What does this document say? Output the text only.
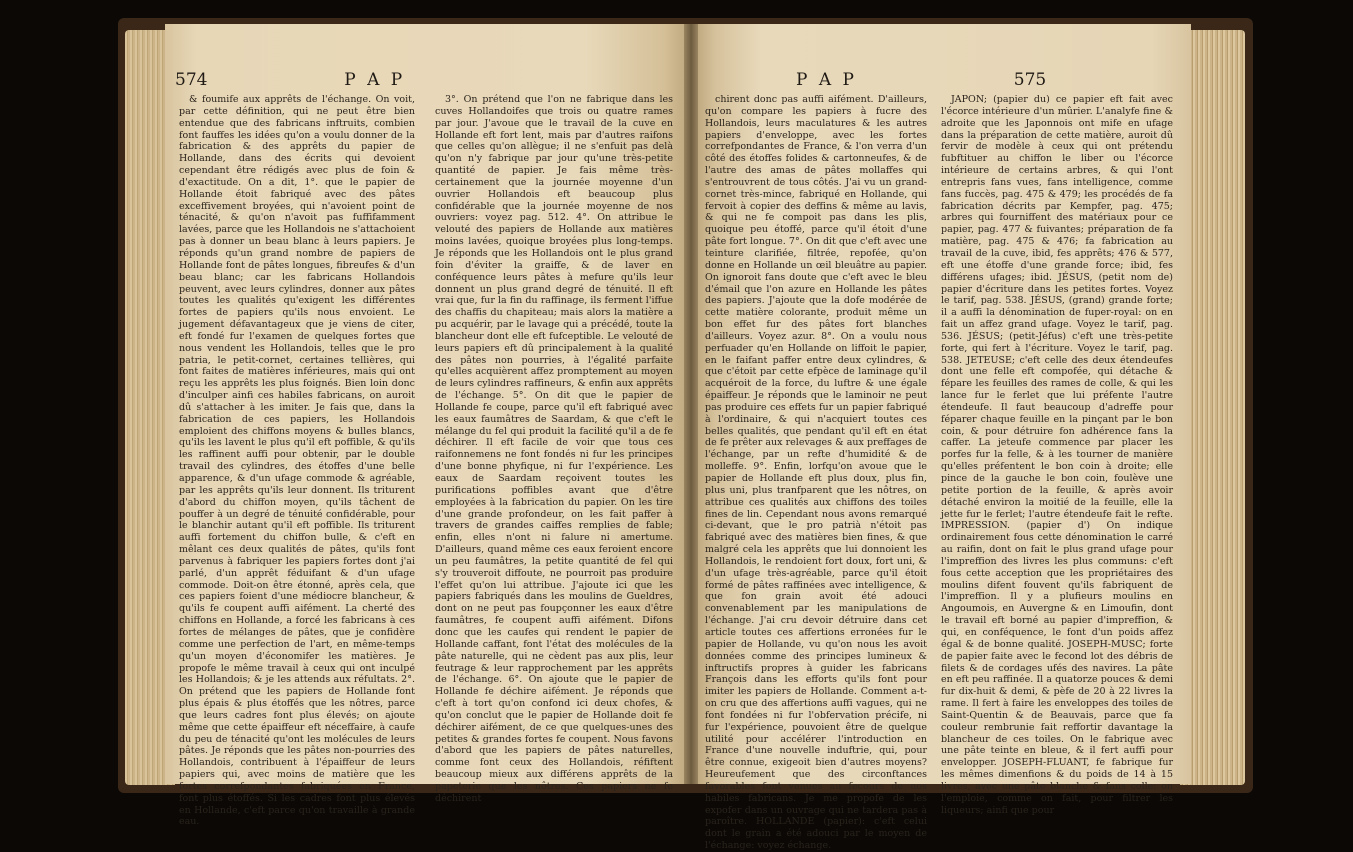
574	P A P

& foumife aux apprêts de l'échange. On voit, par cette définition, qui ne peut être bien entendue que des fabricans inftruits, combien font fauffes les idées qu'on a voulu donner de la fabrication & des apprêts du papier de Hollande, dans des écrits qui devoient cependant être rédigés avec plus de foin & d'exactitude. On a dit, 1°. que le papier de Hollande étoit fabriqué avec des pâtes exceffivement broyées, qui n'avoient point de ténacité, & qu'on n'avoit pas fuffifamment lavées, parce que les Hollandois ne s'attachoient pas à donner un beau blanc à leurs papiers. Je réponds qu'un grand nombre de papiers de Hollande font de pâtes longues, fibreufes & d'un beau blanc; car les fabricans Hollandois peuvent, avec leurs cylindres, donner aux pâtes toutes les qualités qu'exigent les différentes fortes de papiers qu'ils nous envoient. Le jugement défavantageux que je viens de citer, eft fondé fur l'examen de quelques fortes que nous vendent les Hollandois, telles que le pro patria, le petit-cornet, certaines tellières, qui font faites de matières inférieures, mais qui ont reçu les apprêts les plus foignés. Bien loin donc d'inculper ainfi ces habiles fabricans, on auroit dû s'attacher à les imiter. Je fais que, dans la fabrication de ces papiers, les Hollandois emploient des chiffons moyens & bulles blancs, qu'ils les lavent le plus qu'il eft poffible, & qu'ils les raffinent auffi pour obtenir, par le double travail des cylindres, des étoffes d'une belle apparence, & d'un ufage commode & agréable, par les apprêts qu'ils leur donnent. Ils triturent d'abord du chiffon moyen, qu'ils tâchent de pouffer à un degré de ténuité confidérable, pour le blanchir autant qu'il eft poffible. Ils triturent auffi fortement du chiffon bulle, & c'eft en mêlant ces deux qualités de pâtes, qu'ils font parvenus à fabriquer les papiers fortes dont j'ai parlé, d'un apprêt féduifant & d'un ufage commode. Doit-on être étonné, après cela, que ces papiers foient d'une médiocre blancheur, & qu'ils fe coupent auffi aifément. La cherté des chiffons en Hollande, a forcé les fabricans à ces fortes de mélanges de pâtes, que je confidère comme une perfection de l'art, en même-temps qu'un moyen d'économifer les matières. Je propofe le même travail à ceux qui ont inculpé les Hollandois; & je les attends aux réfultats. 2°. On prétend que les papiers de Hollande font plus épais & plus étoffés que les nôtres, parce que leurs cadres font plus élevés; on ajoute même que cette épaiffeur eft néceffaire, à caufe du peu de ténacité qu'ont les molécules de leurs pâtes. Je réponds que les pâtes non-pourries des Hollandois, contribuent à l'épaiffeur de leurs papiers qui, avec moins de matière que les fortes correfpondantes fabriquées en France, font plus étoffés. Si les cadres font plus élevés en Hollande, c'eft parce qu'on travaille à grande eau.

3°. On prétend que l'on ne fabrique dans les cuves Hollandoifes que trois ou quatre rames par jour. J'avoue que le travail de la cuve en Hollande eft fort lent, mais par d'autres raifons que celles qu'on allègue; il ne s'enfuit pas delà qu'on n'y fabrique par jour qu'une très-petite quantité de papier. Je fais même très-certainement que la journée moyenne d'un ouvrier Hollandois eft beaucoup plus confidérable que la journée moyenne de nos ouvriers: voyez pag. 512. 4°. On attribue le velouté des papiers de Hollande aux matières moins lavées, quoique broyées plus long-temps. Je réponds que les Hollandois ont le plus grand foin d'éviter la graiffe, & de laver en conféquence leurs pâtes à mefure qu'ils leur donnent un plus grand degré de ténuité. Il eft vrai que, fur la fin du raffinage, ils ferment l'iffue des chaffis du chapiteau; mais alors la matière a pu acquérir, par le lavage qui a précédé, toute la blancheur dont elle eft fufceptible. Le velouté de leurs papiers eft dû principalement à la qualité des pâtes non pourries, à l'égalité parfaite qu'elles acquièrent affez promptement au moyen de leurs cylindres raffineurs, & enfin aux apprêts de l'échange. 5°. On dit que le papier de Hollande fe coupe, parce qu'il eft fabriqué avec les eaux faumâtres de Saardam, & que c'eft le mélange du fel qui produit la facilité qu'il a de fe déchirer. Il eft facile de voir que tous ces raifonnemens ne font fondés ni fur les principes d'une bonne phyfique, ni fur l'expérience. Les eaux de Saardam reçoivent toutes les purifications poffibles avant que d'être employées à la fabrication du papier. On les tire d'une grande profondeur, on les fait paffer à travers de grandes caiffes remplies de fable; enfin, elles n'ont ni falure ni amertume. D'ailleurs, quand même ces eaux feroient encore un peu faumâtres, la petite quantité de fel qui s'y trouveroit diffoute, ne pourroit pas produire l'effet qu'on lui attribue. J'ajoute ici que les papiers fabriqués dans les moulins de Gueldres, dont on ne peut pas foupçonner les eaux d'être faumâtres, fe coupent auffi aifément. Difons donc que les caufes qui rendent le papier de Hollande caffant, font l'état des molécules de la pâte naturelle, qui ne cèdent pas aux plis, leur feutrage & leur rapprochement par les apprêts de l'échange. 6°. On ajoute que le papier de Hollande fe déchire aifément. Je réponds que c'eft à tort qu'on confond ici deux chofes, & qu'on conclut que le papier de Hollande doit fe déchirer aifément, de ce que quelques-unes des petites & grandes fortes fe coupent. Nous favons d'abord que les papiers de pâtes naturelles, comme font ceux des Hollandois, réfiftent beaucoup mieux aux différens apprêts de la papeterie que les nôtres. Ces papiers ne fe déchirent

P A P	575

chirent donc pas auffi aifément. D'ailleurs, qu'on compare les papiers à fucre des Hollandois, leurs maculatures & les autres papiers d'enveloppe, avec les fortes correfpondantes de France, & l'on verra d'un côté des étoffes folides & cartonneufes, & de l'autre des amas de pâtes mollaffes qui s'entrouvrent de tous côtés. J'ai vu un grand-cornet très-mince, fabriqué en Hollande, qui fervoit à copier des deffins & même au lavis, & qui ne fe compoit pas dans les plis, quoique peu étoffé, parce qu'il étoit d'une pâte fort longue. 7°. On dit que c'eft avec une teinture clarifiée, filtrée, repofée, qu'on donne en Hollande un œil bleuâtre au papier. On ignoroit fans doute que c'eft avec le bleu d'émail que l'on azure en Hollande les pâtes des papiers. J'ajoute que la dofe modérée de cette matière colorante, produit même un bon effet fur des pâtes fort blanches d'ailleurs. Voyez azur. 8°. On a voulu nous perfuader qu'en Hollande on liffoit le papier, en le faifant paffer entre deux cylindres, & que c'étoit par cette efpèce de laminage qu'il acquéroit de la force, du luftre & une égale épaiffeur. Je réponds que le laminoir ne peut pas produire ces effets fur un papier fabriqué à l'ordinaire, & qui n'acquiert toutes ces belles qualités, que pendant qu'il eft en état de fe prêter aux relevages & aux preffages de l'échange, par un refte d'humidité & de molleffe. 9°. Enfin, lorfqu'on avoue que le papier de Hollande eft plus doux, plus fin, plus uni, plus tranfparent que les nôtres, on attribue ces qualités aux chiffons des toiles fines de lin. Cependant nous avons remarqué ci-devant, que le pro patrià n'étoit pas fabriqué avec des matières bien fines, & que malgré cela les apprêts que lui donnoient les Hollandois, le rendoient fort doux, fort uni, & d'un ufage très-agréable, parce qu'il étoit formé de pâtes raffinées avec intelligence, & que fon grain avoit été adouci convenablement par les manipulations de l'échange. J'ai cru devoir détruire dans cet article toutes ces affertions erronées fur le papier de Hollande, vu qu'on nous les avoit données comme des principes lumineux & inftructifs propres à guider les fabricans François dans les efforts qu'ils font pour imiter les papiers de Hollande. Comment a-t-on cru que des affertions auffi vagues, qui ne font fondées ni fur l'obfervation précife, ni fur l'expérience, pouvoient être de quelque utilité pour accélérer l'introduction en France d'une nouvelle induftrie, qui, pour être connue, exigeoit bien d'autres moyens? Heureufement que des circonftances favorables font venues au fecours de nos habiles fabricans. Je me propofe de les expofer dans un ouvrage qui ne tardera pas à paroître. HOLLANDE (papier): c'eft celui dont le grain a été adouci par le moyen de l'échange: voyez échange.

JAPON; (papier du) ce papier eft fait avec l'écorce intérieure d'un mûrier. L'analyfe fine & adroite que les Japonnois ont mife en ufage dans la préparation de cette matière, auroit dû fervir de modèle à ceux qui ont prétendu fubftituer au chiffon le liber ou l'écorce intérieure de certains arbres, & qui l'ont entrepris fans vues, fans intelligence, comme fans fuccès, pag. 475 & 479; les procédés de fa fabrication décrits par Kempfer, pag. 475; arbres qui fourniffent des matériaux pour ce papier, pag. 477 & fuivantes; préparation de fa matière, pag. 475 & 476; fa fabrication au travail de la cuve, ibid, fes apprêts; 476 & 577, eft une étoffe d'une grande force; ibid, fes différens ufages; ibid. JÉSUS, (petit nom de) papier d'écriture dans les petites fortes. Voyez le tarif, pag. 538. JÉSUS, (grand) grande forte; il a auffi la dénomination de fuper-royal: on en fait un affez grand ufage. Voyez le tarif, pag. 536. JÉSUS; (petit-Jéfus) c'eft une très-petite forte, qui fert à l'écriture. Voyez le tarif, pag. 538. JETEUSE; c'eft celle des deux étendeufes dont une felle eft compofée, qui détache & fépare les feuilles des rames de colle, & qui les lance fur le ferlet que lui préfente l'autre étendeufe. Il faut beaucoup d'adreffe pour féparer chaque feuille en la pinçant par le bon coin, & pour détruire fon adhérence fans la caffer. La jeteufe commence par placer les porfes fur la felle, & à les tourner de manière qu'elles préfentent le bon coin à droite; elle pince de la gauche le bon coin, foulève une petite portion de la feuille, & après avoir détaché environ la moitié de la feuille, elle la jette fur le ferlet; l'autre étendeufe fait le refte. IMPRESSION. (papier d') On indique ordinairement fous cette dénomination le carré au raifin, dont on fait le plus grand ufage pour l'impreffion des livres les plus communs: c'eft fous cette acception que les propriétaires des moulins difent fouvent qu'ils fabriquent de l'impreffion. Il y a plufieurs moulins en Angoumois, en Auvergne & en Limoufin, dont le travail eft borné au papier d'impreffion, & qui, en conféquence, le font d'un poids affez égal & de bonne qualité. JOSEPH-MUSC; forte de papier faite avec le fecond lot des débris de filets & de cordages ufés des navires. La pâte en eft peu raffinée. Il a quatorze pouces & demi fur dix-huit & demi, & pèfe de 20 à 22 livres la rame. Il fert à faire les enveloppes des toiles de Saint-Quentin & de Beauvais, parce que fa couleur rembrunie fait reffortir davantage la blancheur de ces toiles. On le fabrique avec une pâte teinte en bleue, & il fert auffi pour envelopper. JOSEPH-FLUANT, fe fabrique fur les mêmes dimenfions & du poids de 14 à 15 livres, avec une pâte blanche & fans colle: on l'emploie, comme on fait, pour filtrer les liqueurs; ainfi que pour
